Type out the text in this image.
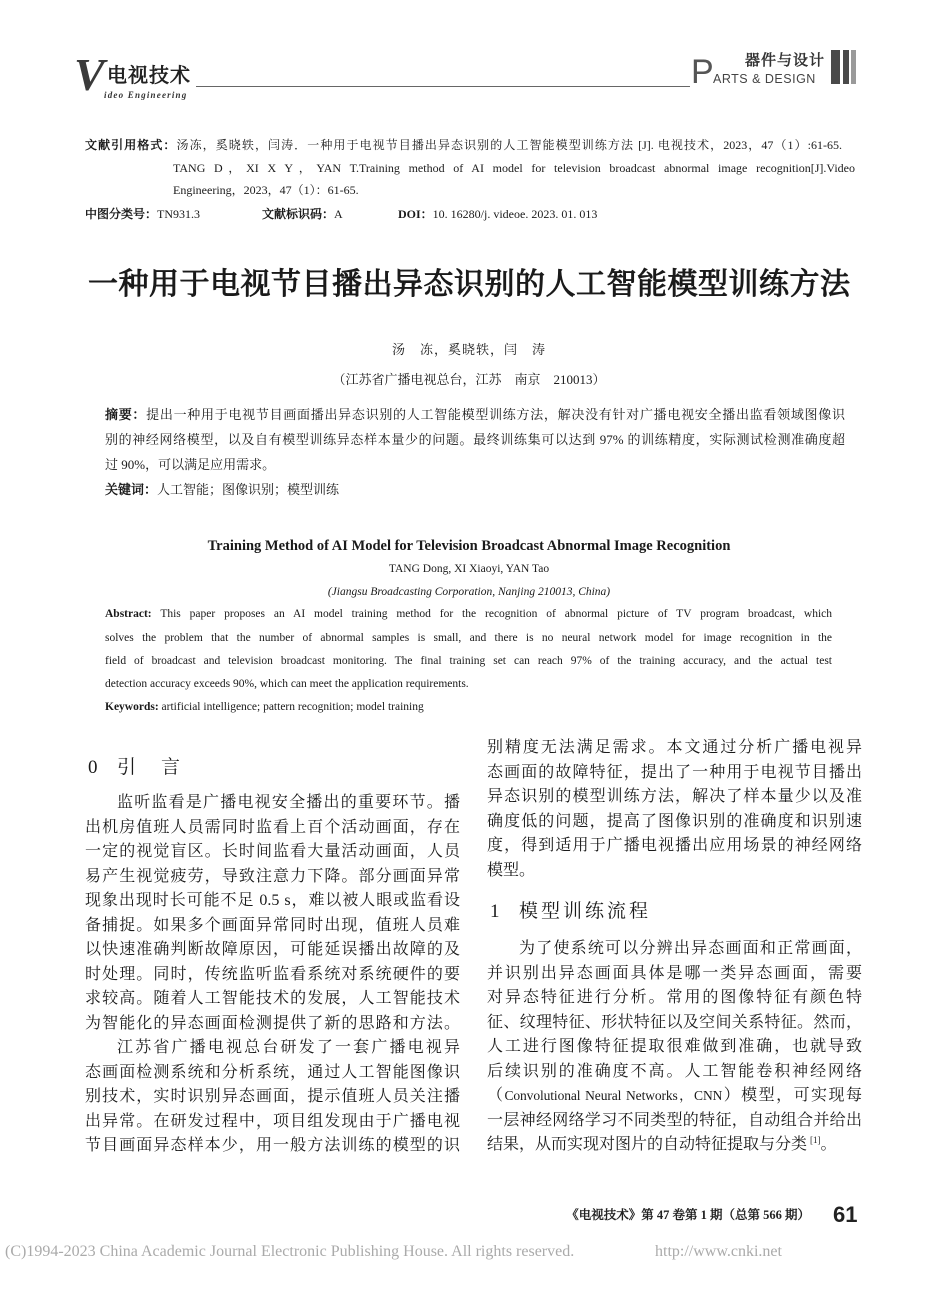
V 电视技术
ideo Engineering
P ARTS & DESIGN
器件与设计
文献引用格式：汤冻，奚晓轶，闫涛．一种用于电视节目播出异态识别的人工智能模型训练方法 [J]. 电视技术，2023，47（1）:61-65.
TANG D，XI X Y，YAN T.Training method of AI model for television broadcast abnormal image recognition[J].Video
Engineering，2023，47（1）：61-65.
中图分类号：TN931.3	文献标识码：A	DOI：10. 16280/j. videoe. 2023. 01. 013
一种用于电视节目播出异态识别的人工智能模型训练方法
汤　冻，奚晓轶，闫　涛
（江苏省广播电视总台，江苏　南京　210013）
摘要：提出一种用于电视节目画面播出异态识别的人工智能模型训练方法，解决没有针对广播电视安全播出监看领域图像识
别的神经网络模型，以及自有模型训练异态样本量少的问题。最终训练集可以达到 97% 的训练精度，实际测试检测准确度超
过 90%，可以满足应用需求。
关键词：人工智能；图像识别；模型训练
Training Method of AI Model for Television Broadcast Abnormal Image Recognition
TANG Dong, XI Xiaoyi, YAN Tao
(Jiangsu Broadcasting Corporation, Nanjing 210013, China)
Abstract: This paper proposes an AI model training method for the recognition of abnormal picture of TV program broadcast, which
solves the problem that the number of abnormal samples is small, and there is no neural network model for image recognition in the
field of broadcast and television broadcast monitoring. The final training set can reach 97% of the training accuracy, and the actual test
detection accuracy exceeds 90%, which can meet the application requirements.
Keywords: artificial intelligence; pattern recognition; model training
0 引　言
监听监看是广播电视安全播出的重要环节。播
出机房值班人员需同时监看上百个活动画面，存在
一定的视觉盲区。长时间监看大量活动画面，人员
易产生视觉疲劳，导致注意力下降。部分画面异常
现象出现时长可能不足 0.5 s，难以被人眼或监看设
备捕捉。如果多个画面异常同时出现，值班人员难
以快速准确判断故障原因，可能延误播出故障的及
时处理。同时，传统监听监看系统对系统硬件的要
求较高。随着人工智能技术的发展，人工智能技术
为智能化的异态画面检测提供了新的思路和方法。
江苏省广播电视总台研发了一套广播电视异
态画面检测系统和分析系统，通过人工智能图像识
别技术，实时识别异态画面，提示值班人员关注播
出异常。在研发过程中，项目组发现由于广播电视
节目画面异态样本少，用一般方法训练的模型的识
别精度无法满足需求。本文通过分析广播电视异
态画面的故障特征，提出了一种用于电视节目播出
异态识别的模型训练方法，解决了样本量少以及准
确度低的问题，提高了图像识别的准确度和识别速
度，得到适用于广播电视播出应用场景的神经网络
模型。
1 模型训练流程
为了使系统可以分辨出异态画面和正常画面，
并识别出异态画面具体是哪一类异态画面，需要
对异态特征进行分析。常用的图像特征有颜色特
征、纹理特征、形状特征以及空间关系特征。然而，
人工进行图像特征提取很难做到准确，也就导致
后续识别的准确度不高。人工智能卷积神经网络
（Convolutional Neural Networks，CNN）模型，可实现每
一层神经网络学习不同类型的特征，自动组合并给出
结果，从而实现对图片的自动特征提取与分类 [1]。
《电视技术》第 47 卷第 1 期（总第 566 期） 61
(C)1994-2023 China Academic Journal Electronic Publishing House. All rights reserved.	http://www.cnki.net
